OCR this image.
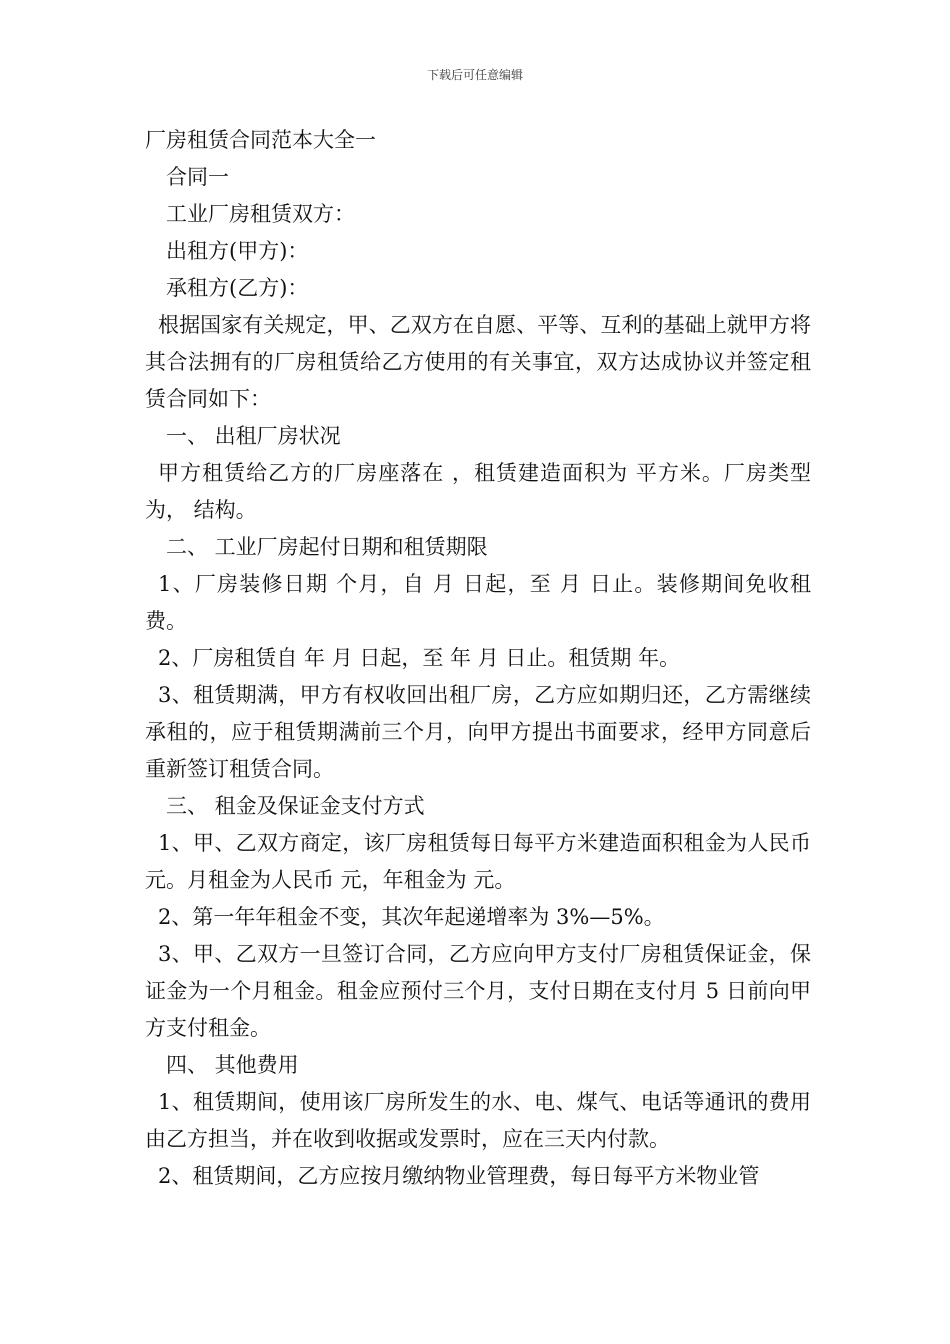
下载后可任意编辑

厂房租赁合同范本大全一

合同一

工业厂房租赁双方：

出租方(甲方)：

承租方(乙方)：

根据国家有关规定，甲、乙双方在自愿、平等、互利的基础上就甲方将其合法拥有的厂房租赁给乙方使用的有关事宜，双方达成协议并签定租赁合同如下：

一、 出租厂房状况

甲方租赁给乙方的厂房座落在 ，租赁建造面积为 平方米。厂房类型为， 结构。

二、 工业厂房起付日期和租赁期限

1、厂房装修日期 个月，自 月 日起，至 月 日止。装修期间免收租费。

2、厂房租赁自 年 月 日起，至 年 月 日止。租赁期 年。

3、租赁期满，甲方有权收回出租厂房，乙方应如期归还，乙方需继续承租的，应于租赁期满前三个月，向甲方提出书面要求，经甲方同意后重新签订租赁合同。

三、 租金及保证金支付方式

1、甲、乙双方商定，该厂房租赁每日每平方米建造面积租金为人民币 元。月租金为人民币 元，年租金为 元。

2、第一年年租金不变，其次年起递增率为 3%—5%。

3、甲、乙双方一旦签订合同，乙方应向甲方支付厂房租赁保证金，保证金为一个月租金。租金应预付三个月，支付日期在支付月 5 日前向甲方支付租金。

四、 其他费用

1、租赁期间，使用该厂房所发生的水、电、煤气、电话等通讯的费用由乙方担当，并在收到收据或发票时，应在三天内付款。

2、租赁期间，乙方应按月缴纳物业管理费，每日每平方米物业管
